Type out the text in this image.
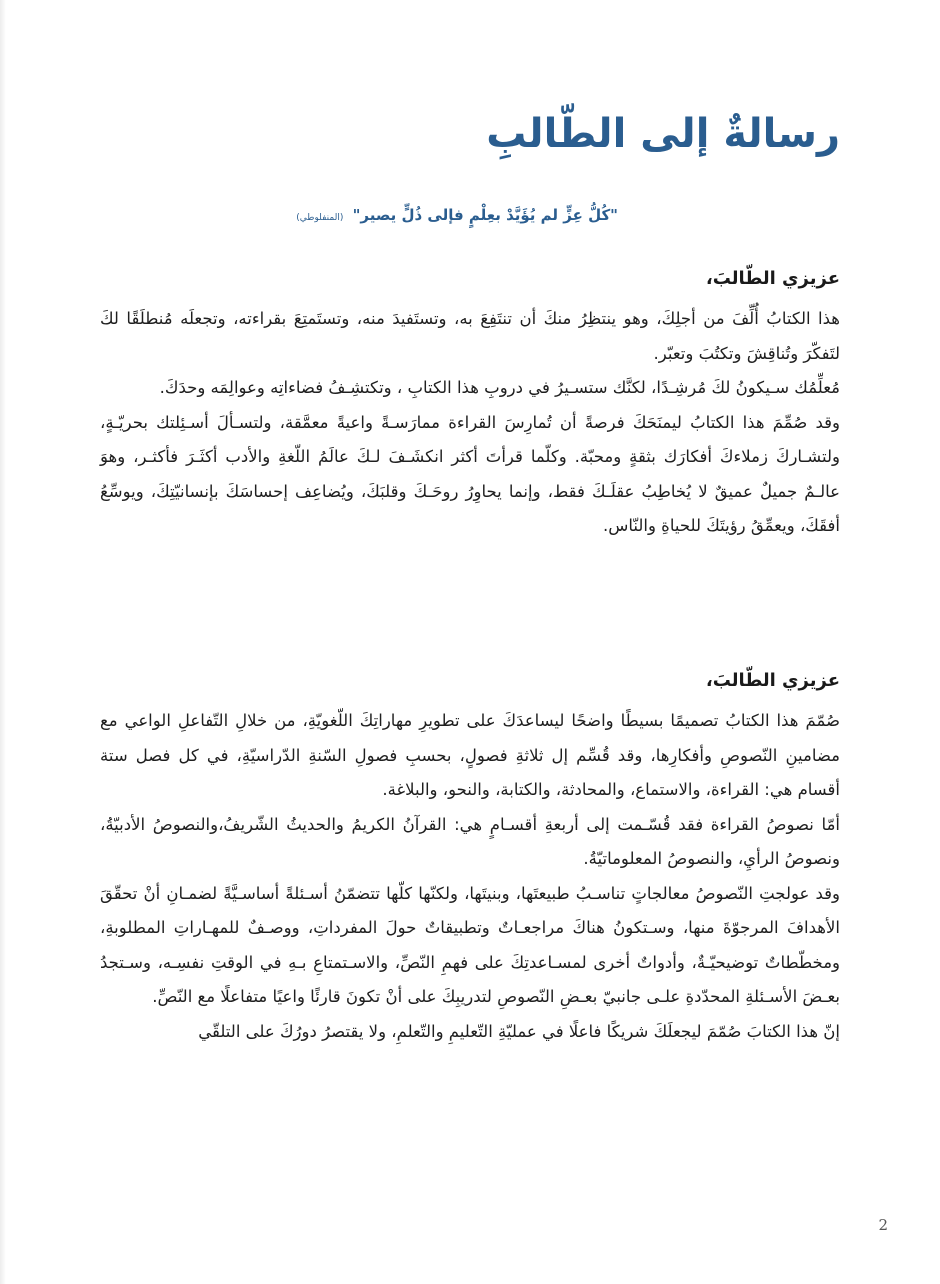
رسالةٌ إلى الطّالبِ
"كُلُّ عِزٍّ لم يُؤَيَّدْ بعِلْمٍ فإلى ذُلٍّ يصير" (المنفلوطي)

عزيزي الطّالبَ،

هذا الكتابُ أُلِّفَ من أجلِكَ، وهو ينتظِرُ منكَ أن تنتَفِعَ به، وتستَفيدَ منه، وتستَمتِعَ بقراءته، وتجعلَه مُنطلَقًا لكَ لتَفكّرَ وتُناقِشَ وتكتُبَ وتعبّر.

مُعلِّمُك سـيكونُ لكَ مُرشِـدًا، لكنَّك ستسـيرُ في دروبِ هذا الكتابِ ، وتكتشِـفُ فضاءاتِه وعوالِمَه وحدَكَ.

وقد صُمِّمَ هذا الكتابُ ليمنَحَكَ فرصةً أن تُمارِسَ القراءة ممارَسـةً واعيةً معمَّقة، ولتسـألَ أسـئِلتك بحريّـةٍ، ولتشـاركَ زملاءكَ أفكارَك بثقةٍ ومحبّة. وكلّما قرأتَ أكثر انكشَـفَ لـكَ عالَمُ اللّغةِ والأدب أكثَـرَ فأكثـر، وهوَ عالـمٌ جميلٌ عميقٌ لا يُخاطِبُ عقلَـكَ فقط، وإنما يحاوِرُ روحَـكَ وقلبَكَ، ويُضاعِف إحساسَكَ بإنسانيّتِكَ، ويوسِّعُ أفقَكَ، ويعمِّقُ رؤيتَكَ للحياةِ والنّاس.

عزيزي الطّالبَ،

صُمّمَ هذا الكتابُ تصميمًا بسيطًا واضحًا ليساعدَكَ على تطويرِ مهاراتِكَ اللّغويّةِ، من خلالِ التّفاعلِ الواعي مع مضامينِ النّصوصِ وأفكارِها، وقد قُسِّم إل ثلاثةِ فصولٍ، بحسبِ فصولِ السّنةِ الدّراسيّةِ، في كل فصل ستة أقسام هي: القراءة، والاستماع، والمحادثة، والكتابة، والنحو، والبلاغة.

أمّا نصوصُ القراءة فقد قُسّـمت إلى أربعةِ أقسـامٍ هي: القرآنُ الكريمُ والحديثُ الشّريفُ،والنصوصُ الأدبيّةُ، ونصوصُ الرأيِ، والنصوصُ المعلوماتيّةُ.

وقد عولجتِ النّصوصُ معالجاتٍ تناسـبُ طبيعتَها، وبنيتَها، ولكنّها كلّها تتضمّنُ أسـئلةً أساسـيَّةً لضمـانِ أنْ تحقّقَ الأهدافَ المرجوّةَ منها، وسـتكونُ هناكَ مراجعـاتٌ وتطبيقاتٌ حولَ المفرداتِ، ووصـفٌ للمهـاراتِ المطلوبةِ، ومخطّطاتٌ توضيحيّـةٌ، وأدواتٌ أخرى لمسـاعدتِكَ على فهمِ النّصِّ، والاسـتمتاعِ بـهِ في الوقتِ نفسِـه، وسـتجدُ بعـضَ الأسـئلةِ المحدّدةِ علـى جانبيّ بعـضِ النّصوصِ لتدريبِكَ على أنْ تكونَ قارئًا واعيًا متفاعلًا مع النّصِّ.

إنّ هذا الكتابَ صُمّمَ ليجعلَكَ شريكًا فاعلًا في عمليّةِ التّعليمِ والتّعلمِ، ولا يقتصرُ دورُكَ على التلقّي

2
